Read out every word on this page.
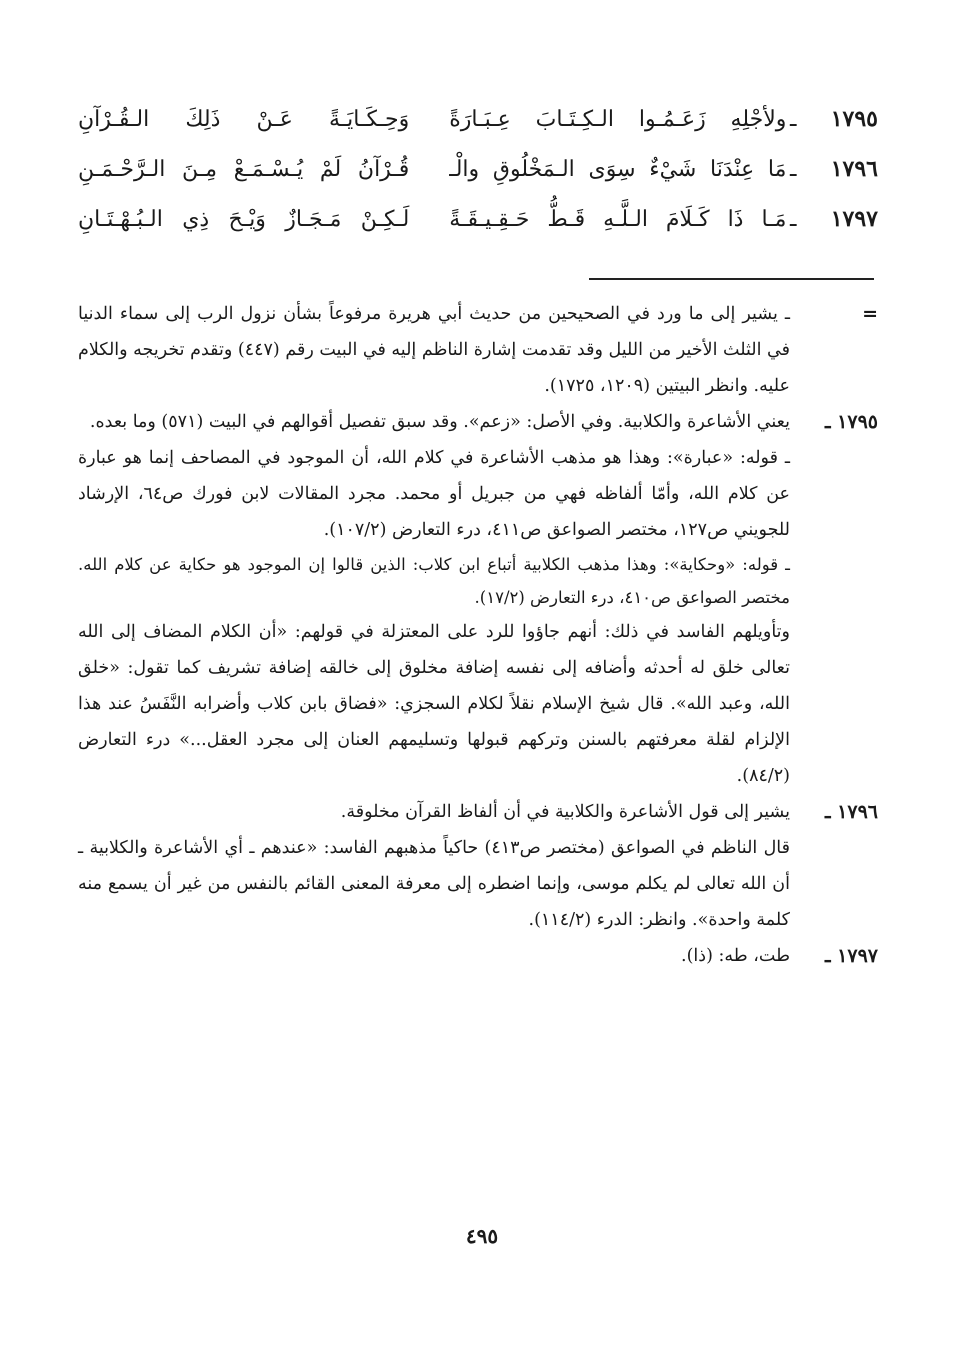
١٧٩٥
ـ
ولأجْلِهِ زَعَـمُـوا الـكِـتَـابَ عِـبَـارَةً
وَحِـكَـايَـةً عَـنْ ذَلِكَ الـقُـرْآنِ
١٧٩٦
ـ
مَا عِنْدَنَا شَيْءٌ سِوَى الـمَخْلُوقِ والْـ
قُـرْآنُ لَمْ يُـسْـمَـعْ مِـنَ الـرَّحْـمَـنِ
١٧٩٧
ـ
مَـا ذَا كَـلَامَ الـلَّـهِ قَـطُّ حَـقِـيـقَـةً
لَـكِـنْ مَـجَـازٌ وَيْـحَ ذِي الـبُـهْـتَـانِ
=

ـ يشير إلى ما ورد في الصحيحين من حديث أبي هريرة مرفوعاً بشأن نزول الرب إلى سماء الدنيا في الثلث الأخير من الليل وقد تقدمت إشارة الناظم إليه في البيت رقم (٤٤٧) وتقدم تخريجه والكلام عليه. وانظر البيتين (١٢٠٩، ١٧٢٥).

١٧٩٥ ـ

يعني الأشاعرة والكلابية. وفي الأصل: «زعم». وقد سبق تفصيل أقوالهم في البيت (٥٧١) وما بعده.

ـ قوله: «عبارة»: وهذا هو مذهب الأشاعرة في كلام الله، أن الموجود في المصاحف إنما هو عبارة عن كلام الله، وأمّا ألفاظه فهي من جبريل أو محمد. مجرد المقالات لابن فورك ص٦٤، الإرشاد للجويني ص١٢٧، مختصر الصواعق ص٤١١، درء التعارض (١٠٧/٢).

ـ قوله: «وحكاية»: وهذا مذهب الكلابية أتباع ابن كلاب: الذين قالوا إن الموجود هو حكاية عن كلام الله. مختصر الصواعق ص٤١٠، درء التعارض (١٧/٢).

وتأويلهم الفاسد في ذلك: أنهم جاؤوا للرد على المعتزلة في قولهم: «أن الكلام المضاف إلى الله تعالى خلق له أحدثه وأضافه إلى نفسه إضافة مخلوق إلى خالقه إضافة تشريف كما تقول: «خلق الله، وعبد الله». قال شيخ الإسلام نقلاً لكلام السجزي: «فضاق بابن كلاب وأضرابه النَّفَسُ عند هذا الإلزام لقلة معرفتهم بالسنن وتركهم قبولها وتسليمهم العنان إلى مجرد العقل...» درء التعارض (٨٤/٢).

١٧٩٦ ـ

يشير إلى قول الأشاعرة والكلابية في أن ألفاظ القرآن مخلوقة.

قال الناظم في الصواعق (مختصر ص٤١٣) حاكياً مذهبهم الفاسد: «عندهم ـ أي الأشاعرة والكلابية ـ أن الله تعالى لم يكلم موسى، وإنما اضطره إلى معرفة المعنى القائم بالنفس من غير أن يسمع منه كلمة واحدة». وانظر: الدرء (١١٤/٢).

١٧٩٧ ـ

طت، طه: (ذا).

٤٩٥
